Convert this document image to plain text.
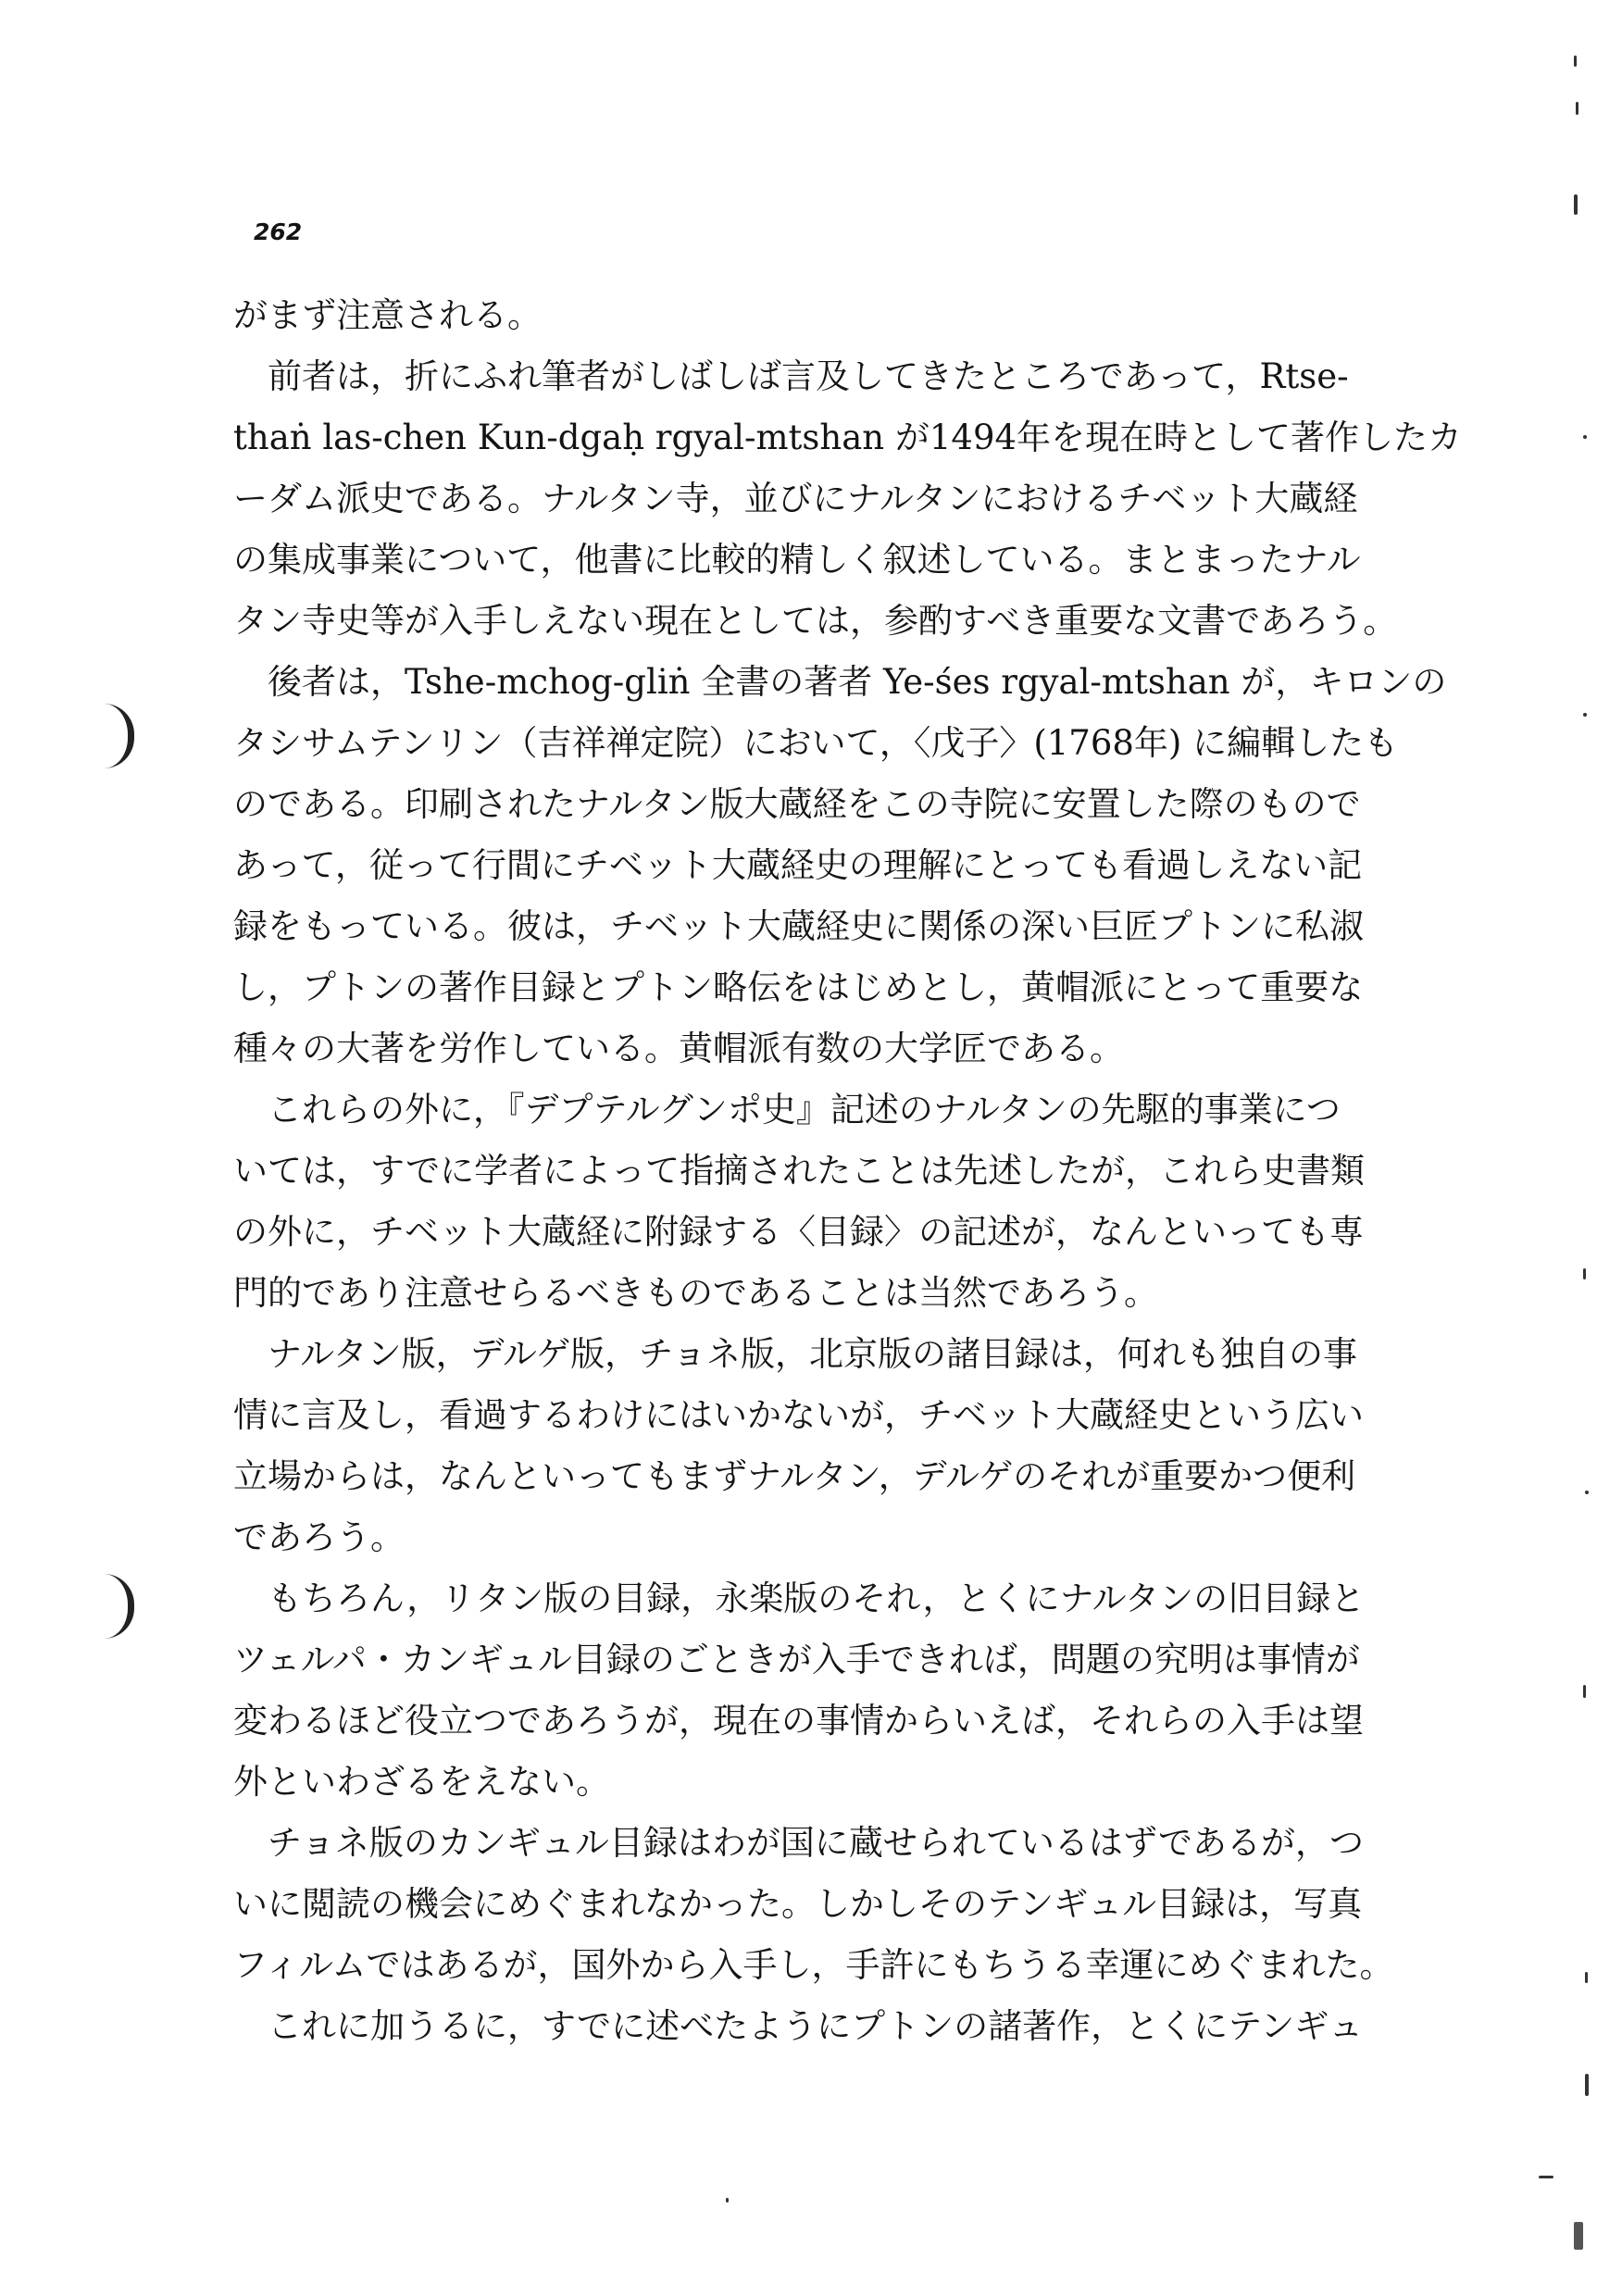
262
がまず注意される。
　前者は，折にふれ筆者がしばしば言及してきたところであって，Rtse-
thaṅ las-chen Kun-dgaḥ rgyal-mtshan が1494年を現在時として著作したカ
ーダム派史である。ナルタン寺，並びにナルタンにおけるチベット大蔵経
の集成事業について，他書に比較的精しく叙述している。まとまったナル
タン寺史等が入手しえない現在としては，参酌すべき重要な文書であろう。
　後者は，Tshe-mchog-gliṅ 全書の著者 Ye-śes rgyal-mtshan が，キロンの
タシサムテンリン（吉祥禅定院）において，〈戊子〉(1768年) に編輯したも
のである。印刷されたナルタン版大蔵経をこの寺院に安置した際のもので
あって，従って行間にチベット大蔵経史の理解にとっても看過しえない記
録をもっている。彼は，チベット大蔵経史に関係の深い巨匠プトンに私淑
し，プトンの著作目録とプトン略伝をはじめとし，黄帽派にとって重要な
種々の大著を労作している。黄帽派有数の大学匠である。
　これらの外に，『デプテルグンポ史』記述のナルタンの先駆的事業につ
いては，すでに学者によって指摘されたことは先述したが，これら史書類
の外に，チベット大蔵経に附録する〈目録〉の記述が，なんといっても専
門的であり注意せらるべきものであることは当然であろう。
　ナルタン版，デルゲ版，チョネ版，北京版の諸目録は，何れも独自の事
情に言及し，看過するわけにはいかないが，チベット大蔵経史という広い
立場からは，なんといってもまずナルタン，デルゲのそれが重要かつ便利
であろう。
　もちろん，リタン版の目録，永楽版のそれ，とくにナルタンの旧目録と
ツェルパ・カンギュル目録のごときが入手できれば，問題の究明は事情が
変わるほど役立つであろうが，現在の事情からいえば，それらの入手は望
外といわざるをえない。
　チョネ版のカンギュル目録はわが国に蔵せられているはずであるが，つ
いに閲読の機会にめぐまれなかった。しかしそのテンギュル目録は，写真
フィルムではあるが，国外から入手し，手許にもちうる幸運にめぐまれた。
　これに加うるに，すでに述べたようにプトンの諸著作，とくにテンギュ
